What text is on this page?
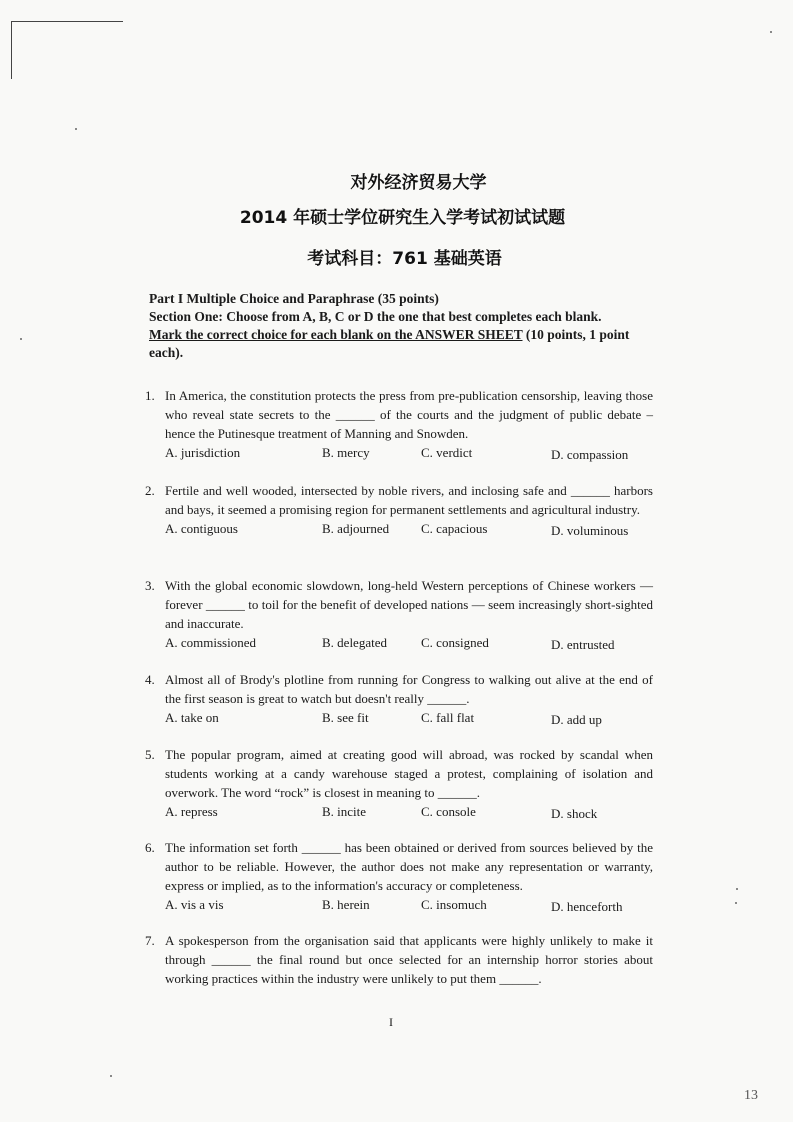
对外经济贸易大学
2014 年硕士学位研究生入学考试初试试题
考试科目：761 基础英语
Part I Multiple Choice and Paraphrase (35 points)
Section One: Choose from A, B, C or D the one that best completes each blank.
Mark the correct choice for each blank on the ANSWER SHEET (10 points, 1 point each).
1. In America, the constitution protects the press from pre-publication censorship, leaving those who reveal state secrets to the ______ of the courts and the judgment of public debate – hence the Putinesque treatment of Manning and Snowden.
A. jurisdiction	B. mercy	C. verdict	D. compassion
2. Fertile and well wooded, intersected by noble rivers, and inclosing safe and ______ harbors and bays, it seemed a promising region for permanent settlements and agricultural industry.
A. contiguous	B. adjourned C. capacious	D. voluminous
3. With the global economic slowdown, long-held Western perceptions of Chinese workers — forever ______ to toil for the benefit of developed nations — seem increasingly short-sighted and inaccurate.
A. commissioned	B. delegated	C. consigned	D. entrusted
4. Almost all of Brody's plotline from running for Congress to walking out alive at the end of the first season is great to watch but doesn't really ______.
A. take on	B. see fit	C. fall flat	D. add up
5. The popular program, aimed at creating good will abroad, was rocked by scandal when students working at a candy warehouse staged a protest, complaining of isolation and overwork. The word “rock” is closest in meaning to ______.
A. repress	B. incite	C. console	D. shock
6. The information set forth ______ has been obtained or derived from sources believed by the author to be reliable. However, the author does not make any representation or warranty, express or implied, as to the information's accuracy or completeness.
A. vis a vis	B. herein	C. insomuch	D. henceforth
7. A spokesperson from the organisation said that applicants were highly unlikely to make it through ______ the final round but once selected for an internship horror stories about working practices within the industry were unlikely to put them ______.
I
13
